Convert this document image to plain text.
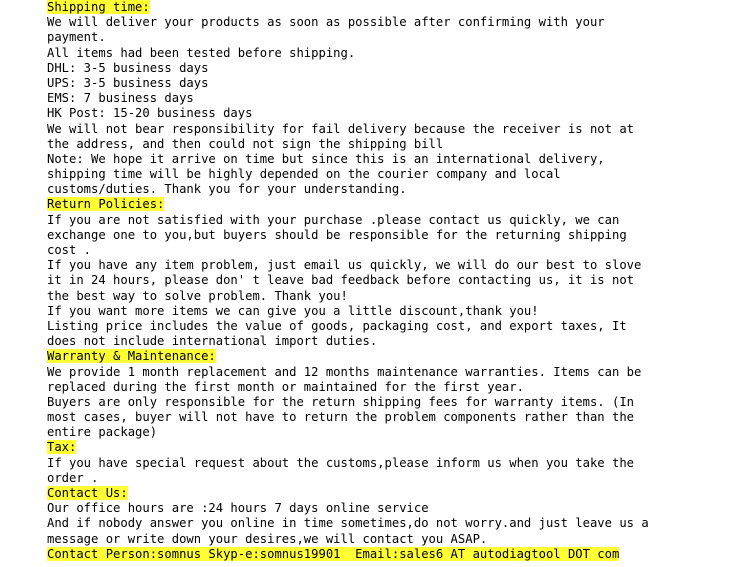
Shipping time:
We will deliver your products as soon as possible after confirming with your
payment.
All items had been tested before shipping.
DHL: 3-5 business days
UPS: 3-5 business days
EMS: 7 business days
HK Post: 15-20 business days
We will not bear responsibility for fail delivery because the receiver is not at
the address, and then could not sign the shipping bill
Note: We hope it arrive on time but since this is an international delivery,
shipping time will be highly depended on the courier company and local
customs/duties. Thank you for your understanding.
Return Policies:
If you are not satisfied with your purchase .please contact us quickly, we can
exchange one to you,but buyers should be responsible for the returning shipping
cost .
If you have any item problem, just email us quickly, we will do our best to slove
it in 24 hours, please don' t leave bad feedback before contacting us, it is not
the best way to solve problem. Thank you!
If you want more items we can give you a little discount,thank you!
Listing price includes the value of goods, packaging cost, and export taxes, It
does not include international import duties.
Warranty & Maintenance:
We provide 1 month replacement and 12 months maintenance warranties. Items can be
replaced during the first month or maintained for the first year.
Buyers are only responsible for the return shipping fees for warranty items. (In
most cases, buyer will not have to return the problem components rather than the
entire package)
Tax:
If you have special request about the customs,please inform us when you take the
order .
Contact Us:
Our office hours are :24 hours 7 days online service
And if nobody answer you online in time sometimes,do not worry.and just leave us a
message or write down your desires,we will contact you ASAP.
Contact Person:somnus Skyp-e:somnus19901  Email:sales6 AT autodiagtool DOT com
